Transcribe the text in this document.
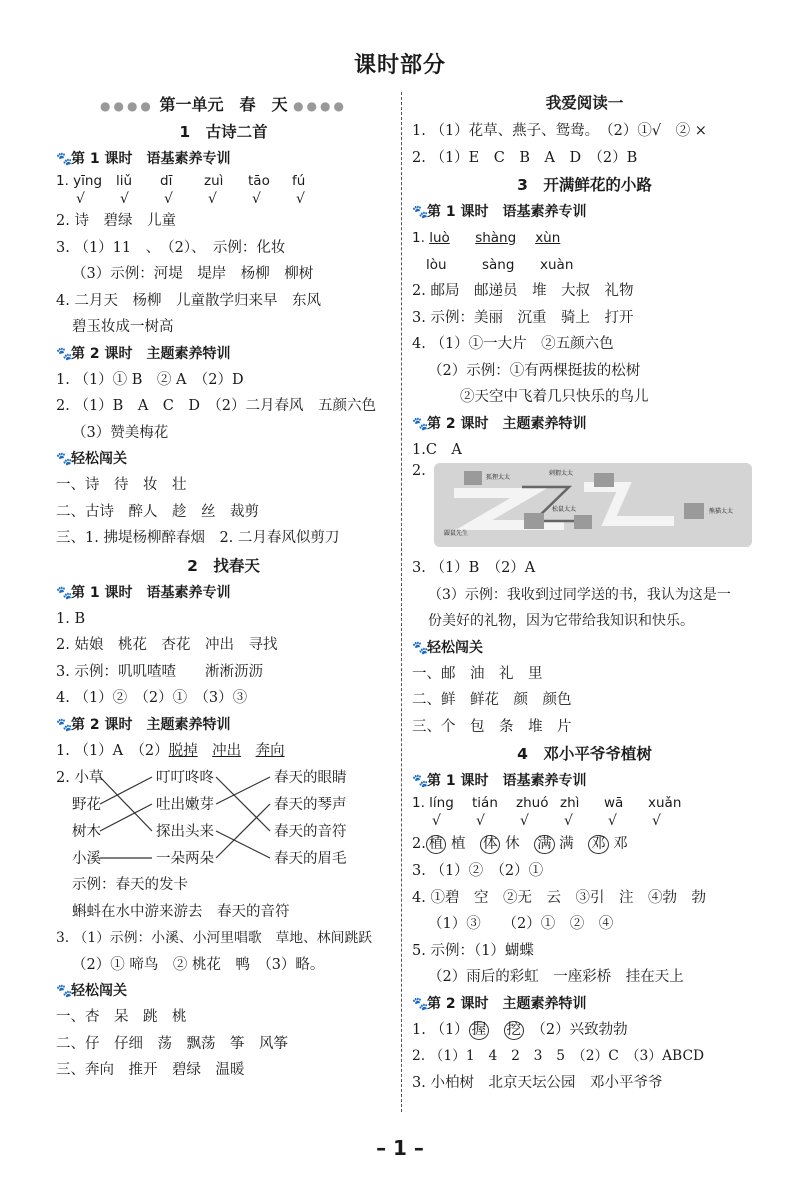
课时部分
●●●● 第一单元　春　天 ●●●●
1　古诗二首
🐾第 1 课时　语基素养专训
1. yīng	liǔ	dī	zuì	tāo	fú
√	√	√	√	√	√
2. 诗　碧绿　儿童
3. （1）11　、　（2）、　示例：化妆
（3）示例：河堤　堤岸　杨柳　柳树
4. 二月天　杨柳　儿童散学归来早　东风
碧玉妆成一树高
🐾第 2 课时　主题素养特训
1. （1）① B　② A　（2）D
2. （1）B　A　C　D　（2）二月春风　五颜六色
（3）赞美梅花
🐾轻松闯关
一、诗　待　妆　壮
二、古诗　醉人　趁　丝　裁剪
三、1. 拂堤杨柳醉春烟　2. 二月春风似剪刀
2　找春天
🐾第 1 课时　语基素养专训
1. B
2. 姑娘　桃花　杏花　冲出　寻找
3. 示例：叽叽喳喳　　淅淅沥沥
4. （1）②　（2）①　（3）③
🐾第 2 课时　主题素养特训
1. （1）A　（2）脱掉　 冲出　 奔向
2. 小草
野花
树木
小溪
叮叮咚咚
吐出嫩芽
探出头来
一朵两朵
春天的眼睛
春天的琴声
春天的音符
春天的眉毛
示例：春天的发卡
蝌蚪在水中游来游去　春天的音符
3. （1）示例：小溪、小河里唱歌　草地、林间跳跃
（2）① 啼鸟　② 桃花　鸭　（3）略。
🐾轻松闯关
一、杏　呆　跳　桃
二、仔　仔细　荡　飘荡　筝　风筝
三、奔向　推开　碧绿　温暖
我爱阅读一
1. （1）花草、燕子、鸳鸯。　（2）①√　② ×
2. （1）E　C　B　A　D　（2）B
3　开满鲜花的小路
🐾第 1 课时　语基素养专训
1. luò shàng xùn
lòu	sàng xuàn
2. 邮局　邮递员　堆　大叔　礼物
3. 示例：美丽　沉重　骑上　打开
4. （1）①一大片　②五颜六色
（2）示例：①有两棵挺拔的松树
②天空中飞着几只快乐的鸟儿
🐾第 2 课时　主题素养特训
1.C　A
2.	狐狸太太
松鼠太太
刺猬太太
鼹鼠先生
熊猫太太
3. （1）B　（2）A
（3）示例：我收到过同学送的书，我认为这是一
份美好的礼物，因为它带给我知识和快乐。
🐾轻松闯关
一、邮　油　礼　里
二、鲜　鲜花　颜　颜色
三、个　包　条　堆　片
4　邓小平爷爷植树
🐾第 1 课时　语基素养专训
1. líng	tián	zhuó zhì	wā	xuǎn
√	√	√	√	√	√
2. 植 植　 体 休　 满 满　 邓 邓
3. （1）②　（2）①
4. ①碧　空　②无　云　③引　注　④勃　勃
（1）③　　（2）①　②　④
5. 示例：（1）蝴蝶
（2）雨后的彩虹　一座彩桥　挂在天上
🐾第 2 课时　主题素养特训
1. （1） 握　 挖　 （2）兴致勃勃
2. （1）1　4　2　3　5　（2）C　（3）ABCD
3. 小柏树　北京天坛公园　邓小平爷爷
– 1 –
